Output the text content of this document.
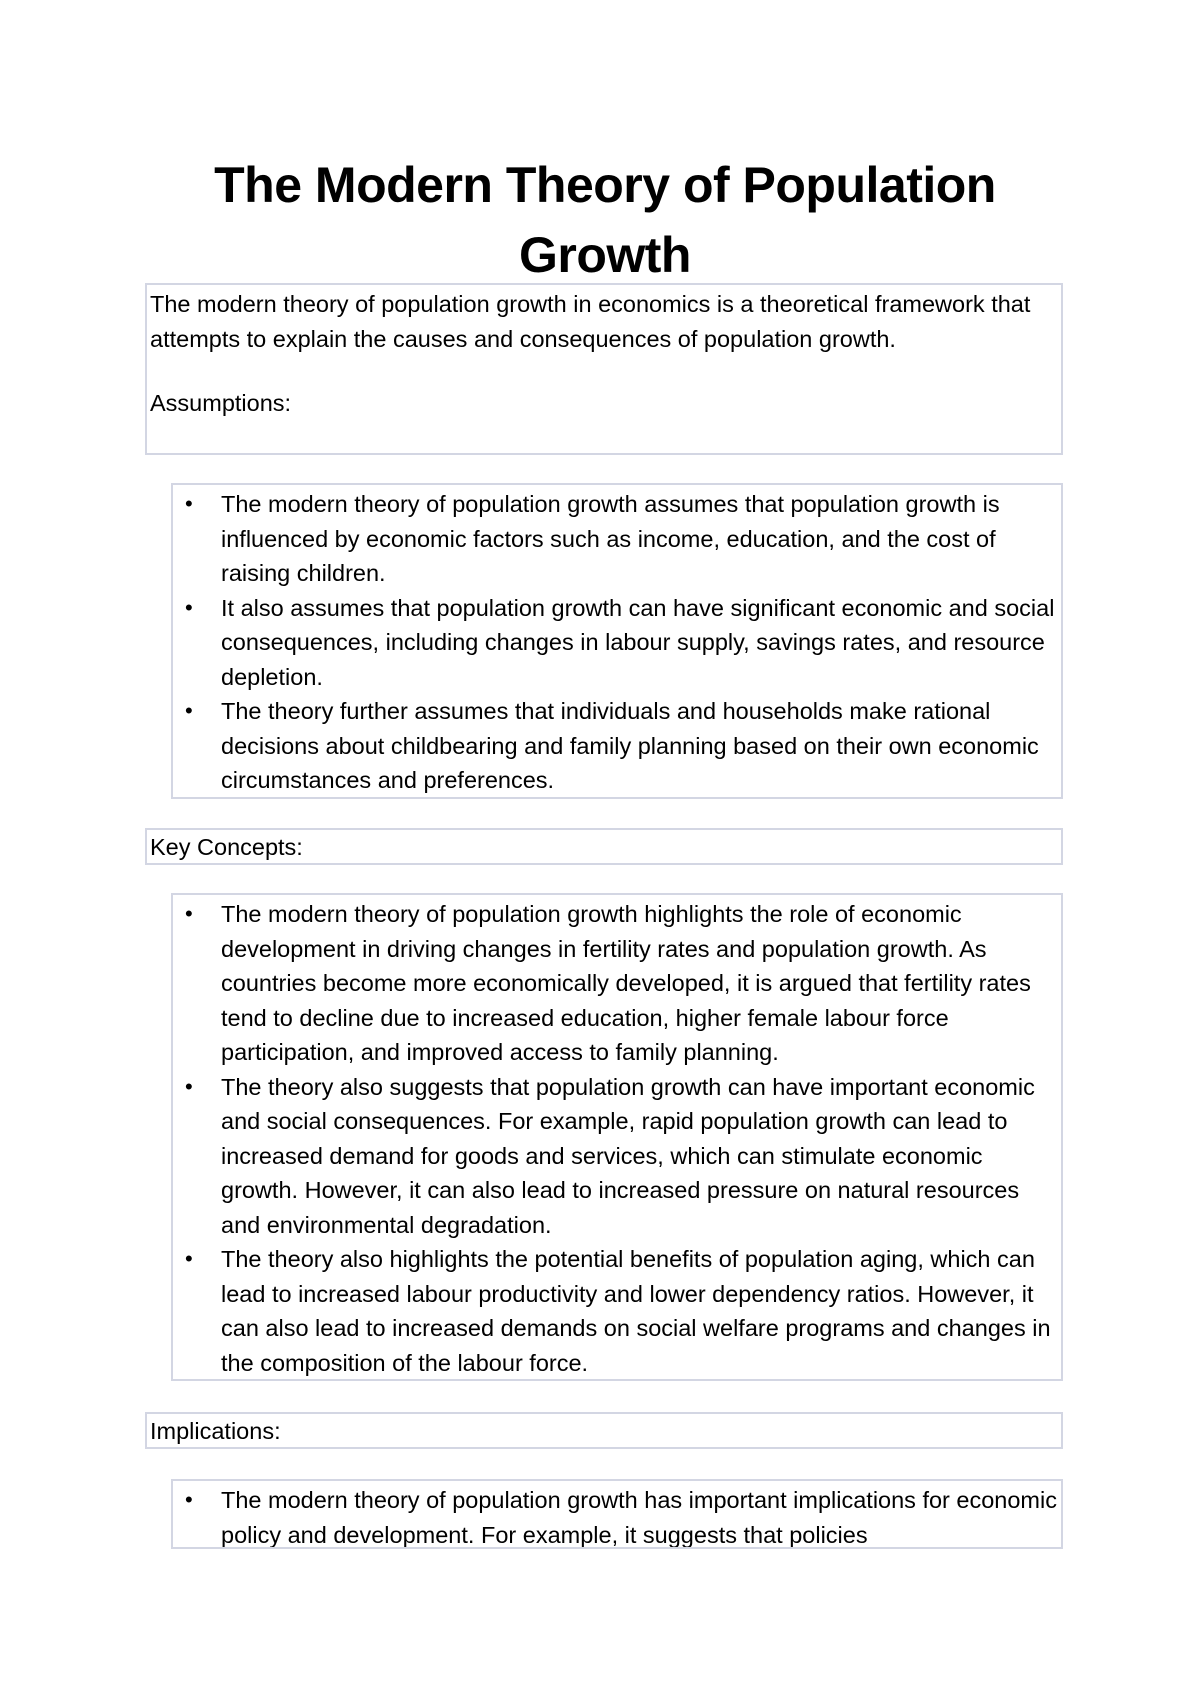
The Modern Theory of Population Growth

The modern theory of population growth in economics is a theoretical framework that attempts to explain the causes and consequences of population growth.

Assumptions:

• The modern theory of population growth assumes that population growth is influenced by economic factors such as income, education, and the cost of raising children.
• It also assumes that population growth can have significant economic and social consequences, including changes in labour supply, savings rates, and resource depletion.
• The theory further assumes that individuals and households make rational decisions about childbearing and family planning based on their own economic circumstances and preferences.

Key Concepts:

• The modern theory of population growth highlights the role of economic development in driving changes in fertility rates and population growth. As countries become more economically developed, it is argued that fertility rates tend to decline due to increased education, higher female labour force participation, and improved access to family planning.
• The theory also suggests that population growth can have important economic and social consequences. For example, rapid population growth can lead to increased demand for goods and services, which can stimulate economic growth. However, it can also lead to increased pressure on natural resources and environmental degradation.
• The theory also highlights the potential benefits of population aging, which can lead to increased labour productivity and lower dependency ratios. However, it can also lead to increased demands on social welfare programs and changes in the composition of the labour force.

Implications:

• The modern theory of population growth has important implications for economic policy and development. For example, it suggests that policies
